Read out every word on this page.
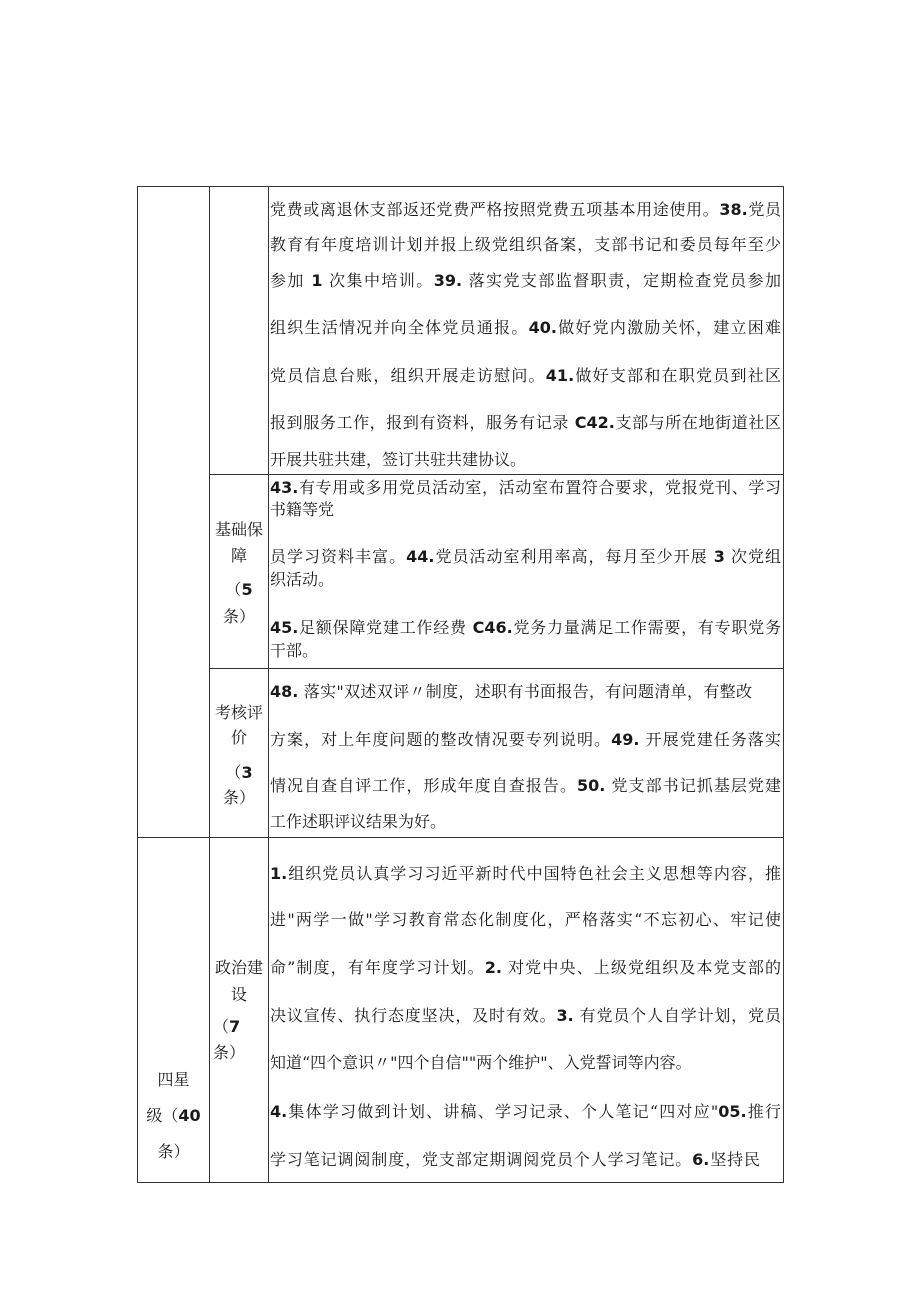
四星
级（40
条）
基础保
障
（5
条）
考核评
价
（3
条）
政治建
设
（7
条）
党费或离退休支部返还党费严格按照党费五项基本用途使用。38.党员
教育有年度培训计划并报上级党组织备案，支部书记和委员每年至少
参加 1 次集中培训。39. 落实党支部监督职责，定期检查党员参加
组织生活情况并向全体党员通报。40.做好党内激励关怀，建立困难
党员信息台账，组织开展走访慰问。41.做好支部和在职党员到社区
报到服务工作，报到有资料，服务有记录 C42.支部与所在地街道社区
开展共驻共建，签订共驻共建协议。
43.有专用或多用党员活动室，活动室布置符合要求，党报党刊、学习
书籍等党
员学习资料丰富。44.党员活动室利用率高，每月至少开展 3 次党组
织活动。
45.足额保障党建工作经费 C46.党务力量满足工作需要，有专职党务
干部。
48. 落实"双述双评〃制度，述职有书面报告，有问题清单，有整改
方案，对上年度问题的整改情况要专列说明。49. 开展党建任务落实
情况自查自评工作，形成年度自查报告。50. 党支部书记抓基层党建
工作述职评议结果为好。
1.组织党员认真学习习近平新时代中国特色社会主义思想等内容，推
进"两学一做"学习教育常态化制度化，严格落实“不忘初心、牢记使
命”制度，有年度学习计划。2. 对党中央、上级党组织及本党支部的
决议宣传、执行态度坚决，及时有效。3. 有党员个人自学计划，党员
知道“四个意识〃"四个自信""两个维护"、入党誓词等内容。
4.集体学习做到计划、讲稿、学习记录、个人笔记“四对应"05.推行
学习笔记调阅制度，党支部定期调阅党员个人学习笔记。6.坚持民
